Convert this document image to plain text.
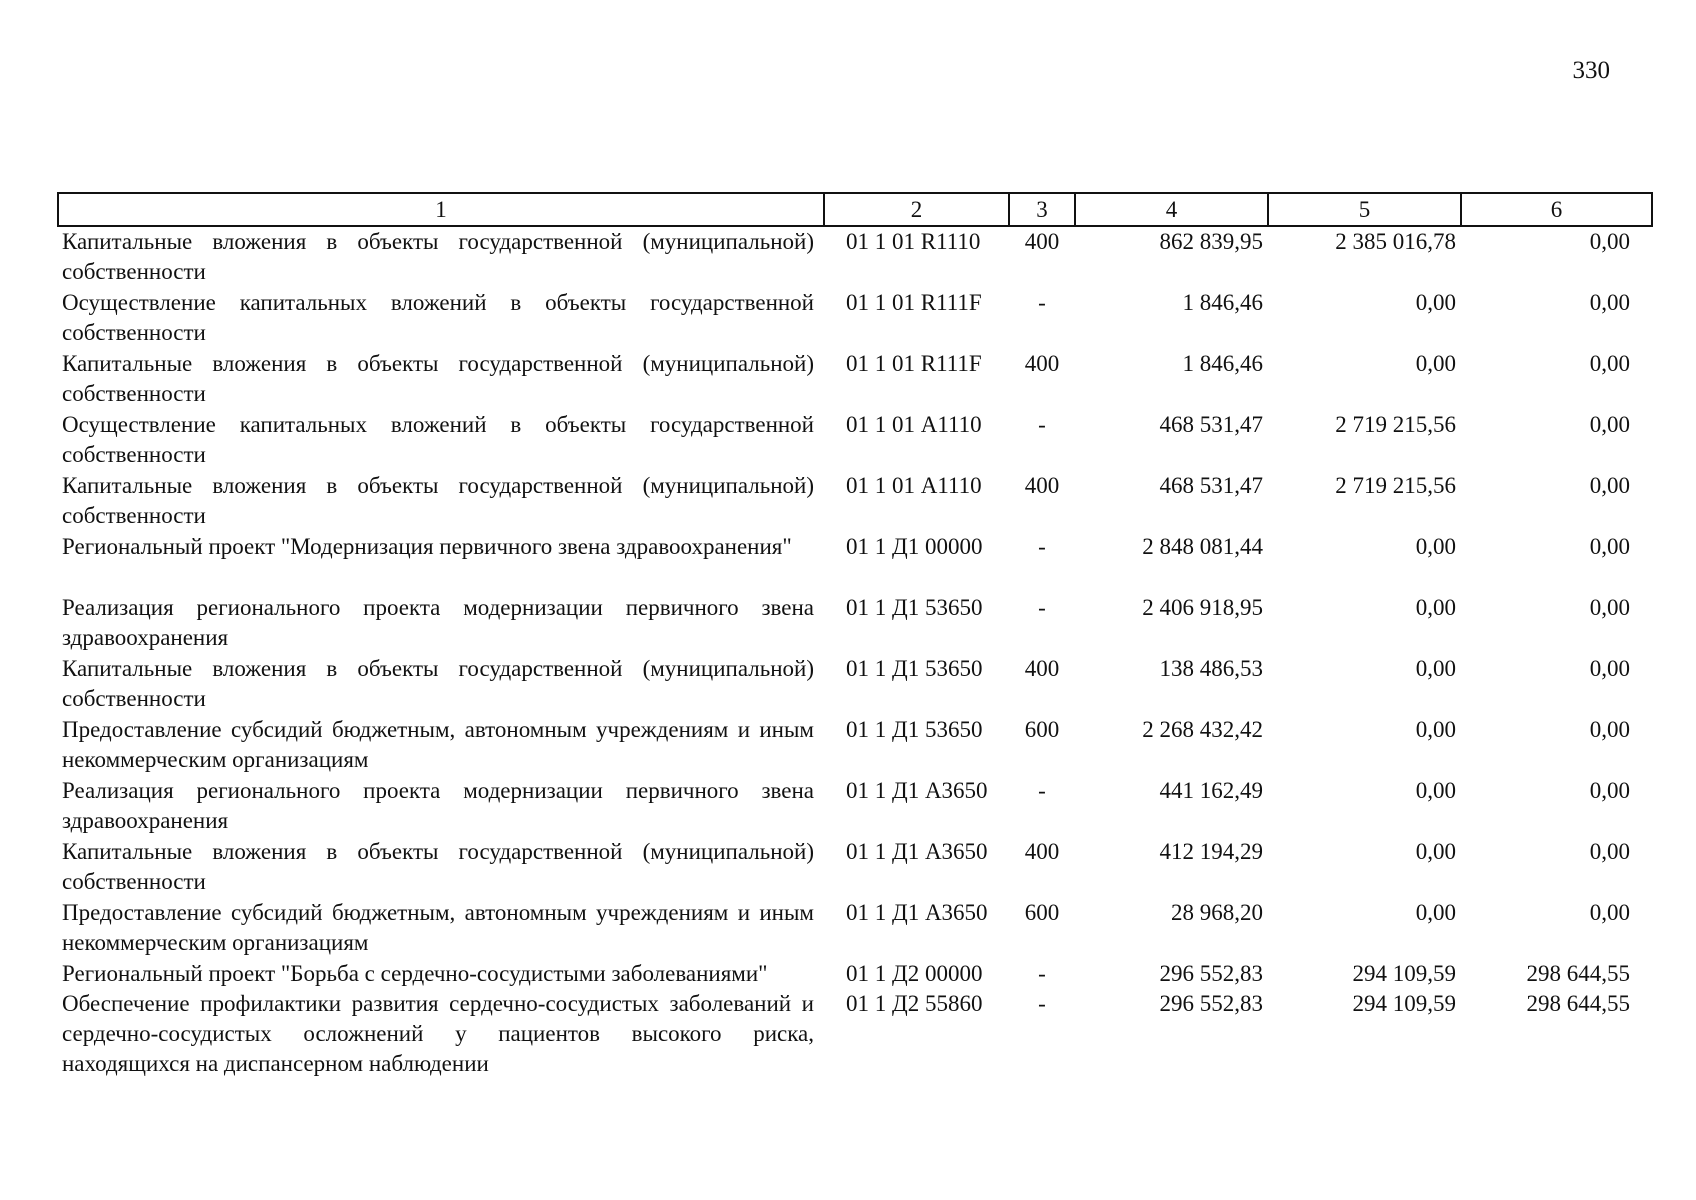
330
1	2	3	4	5	6
Капитальные вложения в объекты государственной (муниципальной) собственности	01 1 01 R1110	400	862 839,95	2 385 016,78	0,00
Осуществление капитальных вложений в объекты государственной собственности	01 1 01 R111F	-	1 846,46	0,00	0,00
Капитальные вложения в объекты государственной (муниципальной) собственности	01 1 01 R111F	400	1 846,46	0,00	0,00
Осуществление капитальных вложений в объекты государственной собственности	01 1 01 А1110	-	468 531,47	2 719 215,56	0,00
Капитальные вложения в объекты государственной (муниципальной) собственности	01 1 01 А1110	400	468 531,47	2 719 215,56	0,00
Региональный проект "Модернизация первичного звена здравоохранения"	01 1 Д1 00000	-	2 848 081,44	0,00	0,00
Реализация регионального проекта модернизации первичного звена здравоохранения	01 1 Д1 53650	-	2 406 918,95	0,00	0,00
Капитальные вложения в объекты государственной (муниципальной) собственности	01 1 Д1 53650	400	138 486,53	0,00	0,00
Предоставление субсидий бюджетным, автономным учреждениям и иным некоммерческим организациям	01 1 Д1 53650	600	2 268 432,42	0,00	0,00
Реализация регионального проекта модернизации первичного звена здравоохранения	01 1 Д1 А3650	-	441 162,49	0,00	0,00
Капитальные вложения в объекты государственной (муниципальной) собственности	01 1 Д1 А3650	400	412 194,29	0,00	0,00
Предоставление субсидий бюджетным, автономным учреждениям и иным некоммерческим организациям	01 1 Д1 А3650	600	28 968,20	0,00	0,00
Региональный проект "Борьба с сердечно-сосудистыми заболеваниями"	01 1 Д2 00000	-	296 552,83	294 109,59	298 644,55
Обеспечение профилактики развития сердечно-сосудистых заболеваний и сердечно-сосудистых осложнений у пациентов высокого риска, находящихся на диспансерном наблюдении	01 1 Д2 55860	-	296 552,83	294 109,59	298 644,55
